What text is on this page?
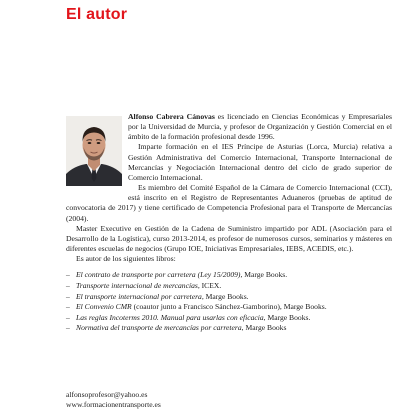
El autor

Alfonso Cabrera Cánovas es licenciado en Ciencias Económicas y Empresariales por la Universidad de Murcia, y profesor de Organización y Gestión Comercial en el ámbito de la formación profesional desde 1996.

Imparte formación en el IES Príncipe de Asturias (Lorca, Murcia) relativa a Gestión Administrativa del Comercio Internacional, Transporte Internacional de Mercancías y Negociación Internacional dentro del ciclo de grado superior de Comercio Internacional.

Es miembro del Comité Español de la Cámara de Comercio Internacional (CCI), está inscrito en el Registro de Representantes Aduaneros (pruebas de aptitud de convocatoria de 2017) y tiene certificado de Competencia Profesional para el Transporte de Mercancías (2004).

Master Executive en Gestión de la Cadena de Suministro impartido por ADL (Asociación para el Desarrollo de la Logística), curso 2013-2014, es profesor de numerosos cursos, seminarios y másteres en diferentes escuelas de negocios (Grupo IOE, Iniciativas Empresariales, IEBS, ACEDIS, etc.).

Es autor de los siguientes libros:

– El contrato de transporte por carretera (Ley 15/2009), Marge Books.
– Transporte internacional de mercancías, ICEX.
– El transporte internacional por carretera, Marge Books.
– El Convenio CMR (coautor junto a Francisco Sánchez-Gamborino), Marge Books.
– Las reglas Incoterms 2010. Manual para usarlas con eficacia, Marge Books.
– Normativa del transporte de mercancías por carretera, Marge Books
alfonsoprofesor@yahoo.es
www.formacionentransporte.es
